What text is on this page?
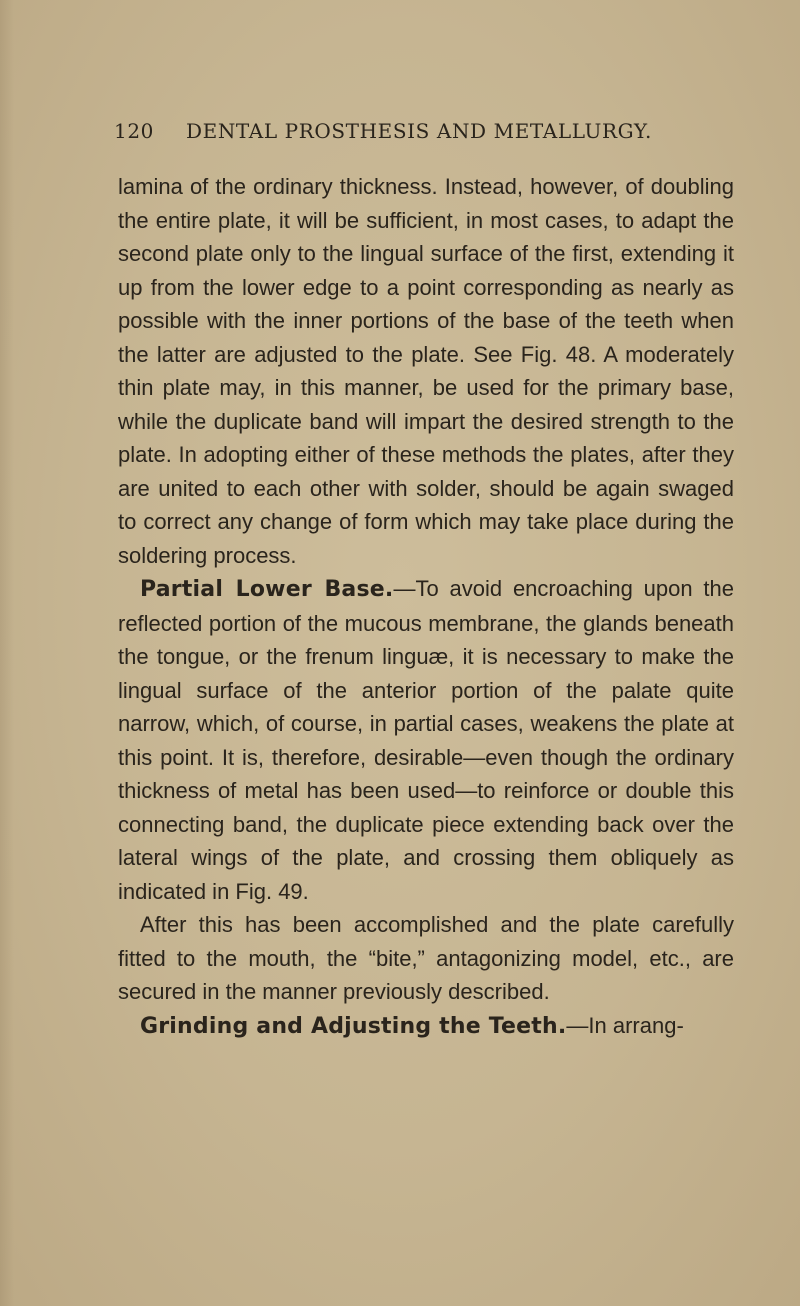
120 DENTAL PROSTHESIS AND METALLURGY.

lamina of the ordinary thickness. Instead, however, of doubling the entire plate, it will be sufficient, in most cases, to adapt the second plate only to the lingual surface of the first, extending it up from the lower edge to a point corresponding as nearly as possible with the inner portions of the base of the teeth when the latter are adjusted to the plate. See Fig. 48. A moderately thin plate may, in this manner, be used for the primary base, while the duplicate band will impart the desired strength to the plate. In adopting either of these methods the plates, after they are united to each other with solder, should be again swaged to correct any change of form which may take place during the soldering process.

Partial Lower Base.—To avoid encroaching upon the reflected portion of the mucous membrane, the glands beneath the tongue, or the frenum linguæ, it is necessary to make the lingual surface of the anterior portion of the palate quite narrow, which, of course, in partial cases, weakens the plate at this point. It is, therefore, desirable—even though the ordinary thickness of metal has been used—to reinforce or double this connecting band, the duplicate piece extending back over the lateral wings of the plate, and crossing them obliquely as indicated in Fig. 49.

After this has been accomplished and the plate carefully fitted to the mouth, the “bite,” antagonizing model, etc., are secured in the manner previously described.

Grinding and Adjusting the Teeth.—In arrang-
